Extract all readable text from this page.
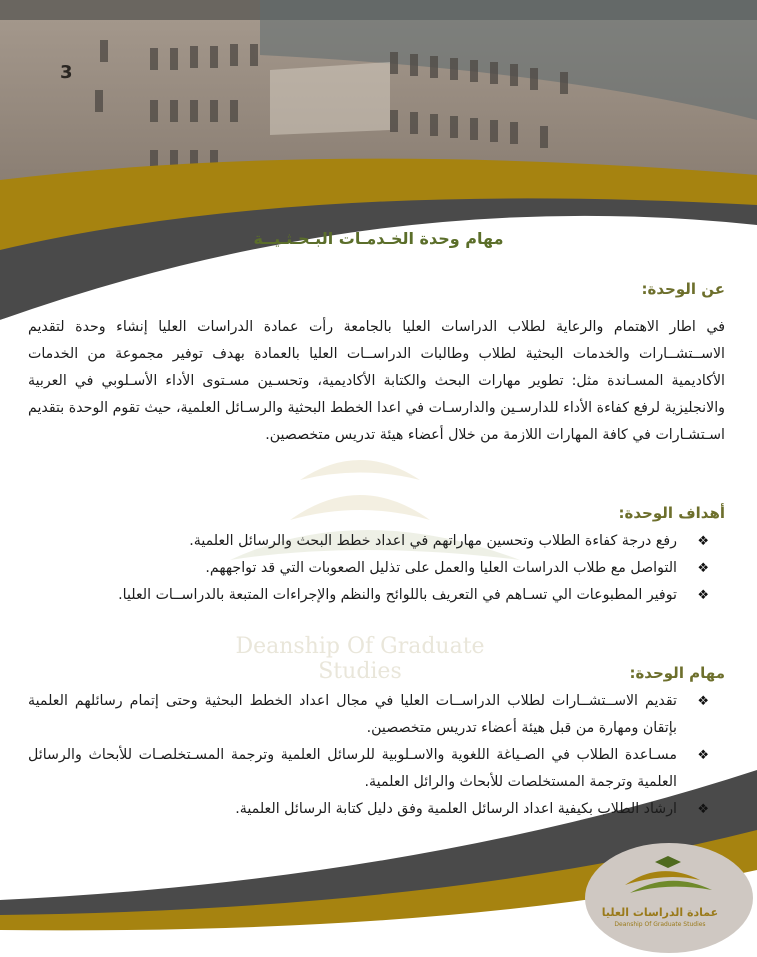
مهام وحدة الخـدمـات البـحـثـيــة
عن الوحدة:

في اطار الاهتمام والرعاية لطلاب الدراسات العليا بالجامعة رأت عمادة الدراسات العليا إنشاء وحدة لتقديم الاســتشــارات والخدمات البحثية لطلاب وطالبات الدراســات العليا بالعمادة بهدف توفير مجموعة من الخدمات الأكاديمية المسـاندة مثل: تطوير مهارات البحث والكتابة الأكاديمية، وتحسـين مسـتوى الأداء الأسـلوبي في العربية والانجليزية لرفع كفاءة الأداء للدارسـين والدارسـات في اعدا الخطط البحثية والرسـائل العلمية، حيث تقوم الوحدة بتقديم اسـتشـارات في كافة المهارات اللازمة من خلال أعضاء هيئة تدريس متخصصين.

أهداف الوحدة:
❖
رفع درجة كفاءة الطلاب وتحسين مهاراتهم في اعداد خطط البحث والرسائل العلمية.
❖
التواصل مع طلاب الدراسات العليا والعمل على تذليل الصعوبات التي قد تواجههم.
❖
توفير المطبوعات الي تسـاهم في التعريف باللوائح والنظم والإجراءات المتبعة بالدراســات العليا.
مهام الوحدة:
❖
تقديم الاســتشــارات لطلاب الدراســات العليا في مجال اعداد الخطط البحثية وحتى إتمام رسائلهم العلمية بإتقان ومهارة من قبل هيئة أعضاء تدريس متخصصين.
❖
مسـاعدة الطلاب في الصـياغة اللغوية والاسـلوبية للرسائل العلمية وترجمة المسـتخلصـات للأبحاث والرسائل العلمية وترجمة المستخلصات للأبحاث والرائل العلمية.
❖
ارشاد الطلاب بكيفية اعداد الرسائل العلمية وفق دليل كتابة الرسائل العلمية.
Deanship Of Graduate Studies
عمادة الدراسات العليا
Deanship Of Graduate Studies
3
